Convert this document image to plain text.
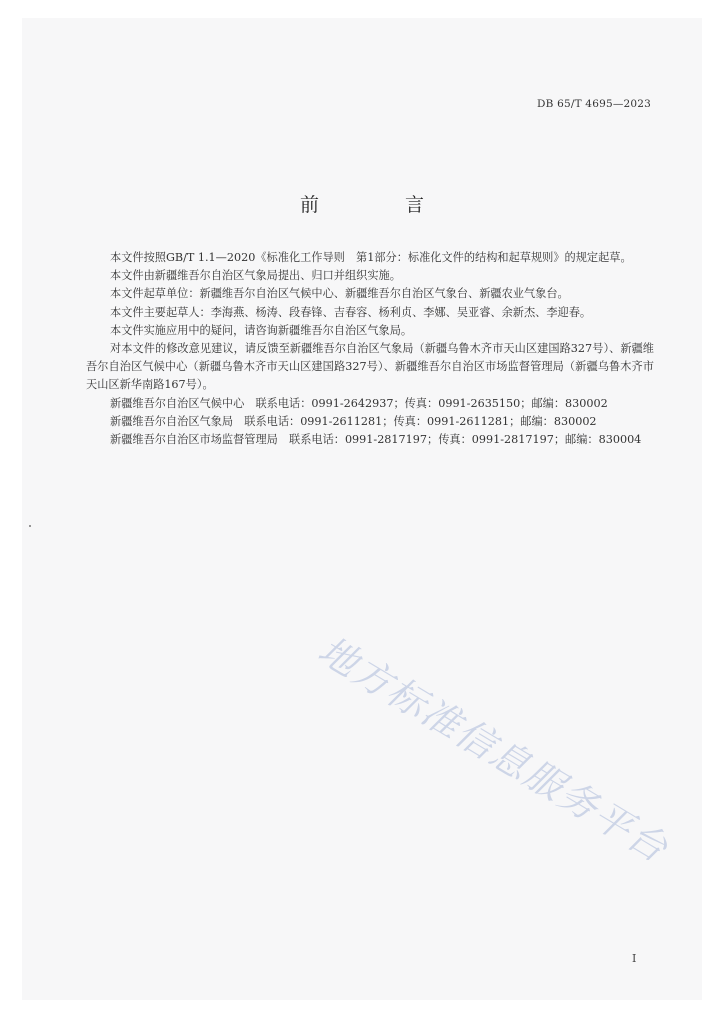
DB 65/T 4695—2023
前 言

本文件按照GB/T 1.1—2020《标准化工作导则　第1部分：标准化文件的结构和起草规则》的规定起草。

本文件由新疆维吾尔自治区气象局提出、归口并组织实施。

本文件起草单位：新疆维吾尔自治区气候中心、新疆维吾尔自治区气象台、新疆农业气象台。

本文件主要起草人：李海燕、杨涛、段春锋、吉春容、杨利贞、李娜、吴亚睿、余新杰、李迎春。

本文件实施应用中的疑问，请咨询新疆维吾尔自治区气象局。

对本文件的修改意见建议，请反馈至新疆维吾尔自治区气象局（新疆乌鲁木齐市天山区建国路327号）、新疆维吾尔自治区气候中心（新疆乌鲁木齐市天山区建国路327号）、新疆维吾尔自治区市场监督管理局（新疆乌鲁木齐市天山区新华南路167号）。

新疆维吾尔自治区气候中心　联系电话：0991-2642937；传真：0991-2635150；邮编：830002

新疆维吾尔自治区气象局　联系电话：0991-2611281；传真：0991-2611281；邮编：830002

新疆维吾尔自治区市场监督管理局　联系电话：0991-2817197；传真：0991-2817197；邮编：830004

地方标准信息服务平台
I
